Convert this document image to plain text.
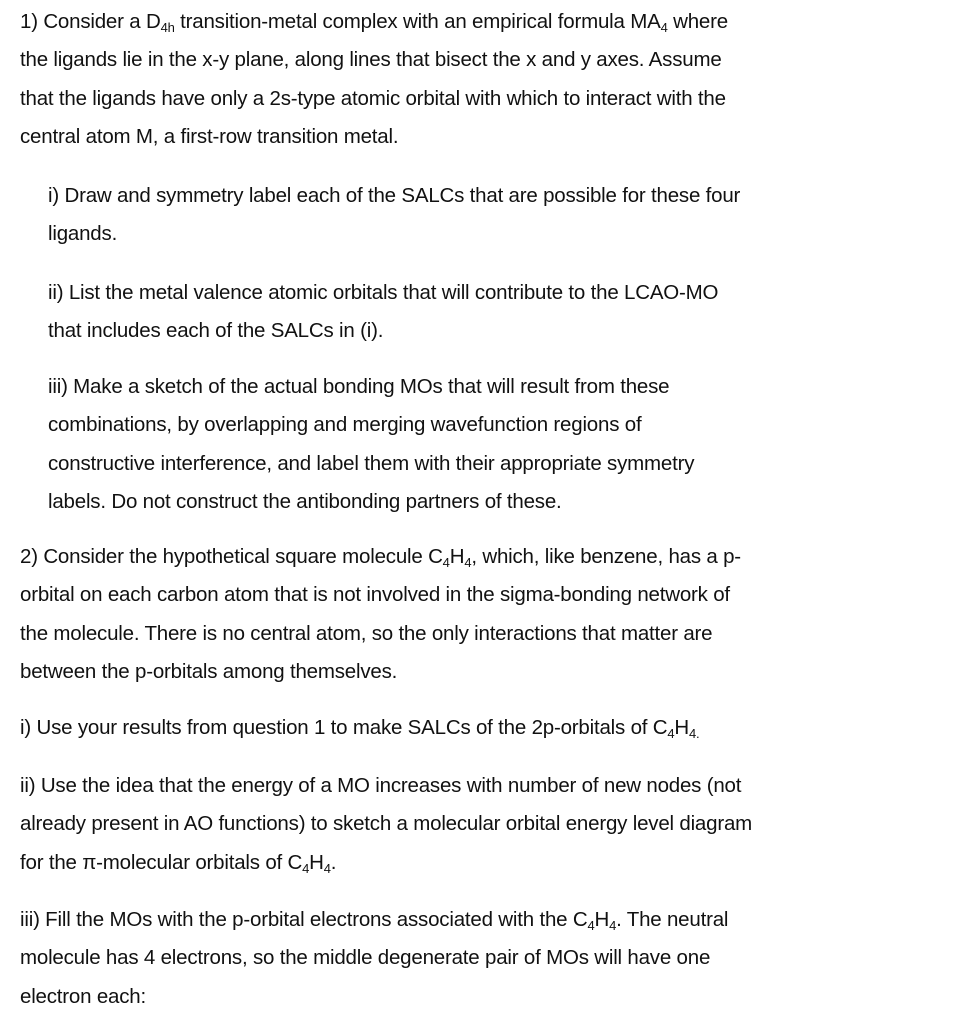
1) Consider a $D_{4h}$ transition-metal complex with an empirical formula $MA_4$ where
the ligands lie in the x-y plane, along lines that bisect the x and y axes. Assume
that the ligands have only a 2s-type atomic orbital with which to interact with the
central atom M, a first-row transition metal.
i) Draw and symmetry label each of the SALCs that are possible for these four
ligands.
ii) List the metal valence atomic orbitals that will contribute to the LCAO-MO
that includes each of the SALCs in (i).
iii) Make a sketch of the actual bonding MOs that will result from these
combinations, by overlapping and merging wavefunction regions of
constructive interference, and label them with their appropriate symmetry
labels. Do not construct the antibonding partners of these.
2) Consider the hypothetical square molecule $C_4H_4$, which, like benzene, has a p-
orbital on each carbon atom that is not involved in the sigma-bonding network of
the molecule. There is no central atom, so the only interactions that matter are
between the p-orbitals among themselves.
i) Use your results from question 1 to make SALCs of the 2p-orbitals of $C_4H_{4.}$
ii) Use the idea that the energy of a MO increases with number of new nodes (not
already present in AO functions) to sketch a molecular orbital energy level diagram
for the π-molecular orbitals of $C_4H_4$.
iii) Fill the MOs with the p-orbital electrons associated with the $C_4H_4$. The neutral
molecule has 4 electrons, so the middle degenerate pair of MOs will have one
electron each:
